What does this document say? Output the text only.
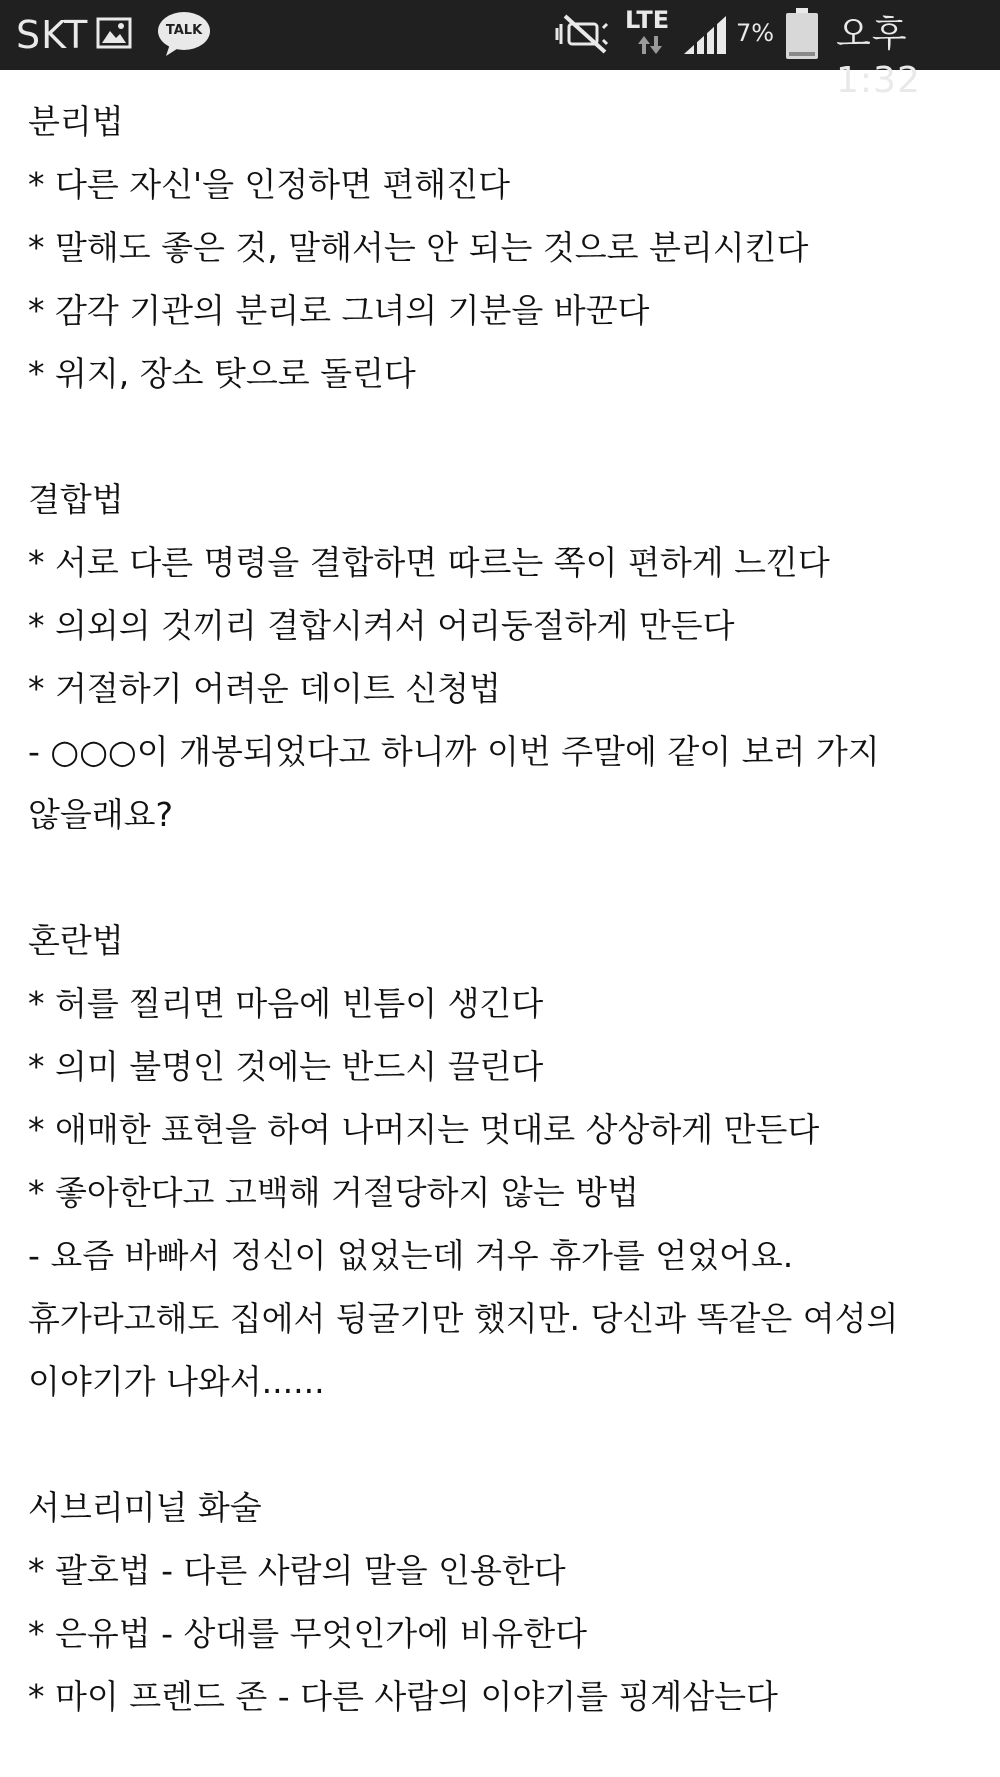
SKT	TALK	LTE	7% 오후 1:32
분리법
* 다른 자신'을 인정하면 편해진다
* 말해도 좋은 것, 말해서는 안 되는 것으로 분리시킨다
* 감각 기관의 분리로 그녀의 기분을 바꾼다
* 위지, 장소 탓으로 돌린다
결합법
* 서로 다른 명령을 결합하면 따르는 쪽이 편하게 느낀다
* 의외의 것끼리 결합시켜서 어리둥절하게 만든다
* 거절하기 어려운 데이트 신청법
- ○○○이 개봉되었다고 하니까 이번 주말에 같이 보러 가지
않을래요?
혼란법
* 허를 찔리면 마음에 빈틈이 생긴다
* 의미 불명인 것에는 반드시 끌린다
* 애매한 표현을 하여 나머지는 멋대로 상상하게 만든다
* 좋아한다고 고백해 거절당하지 않는 방법
- 요즘 바빠서 정신이 없었는데 겨우 휴가를 얻었어요.
휴가라고해도 집에서 뒹굴기만 했지만. 당신과 똑같은 여성의
이야기가 나와서......
서브리미널 화술
* 괄호법 - 다른 사람의 말을 인용한다
* 은유법 - 상대를 무엇인가에 비유한다
* 마이 프렌드 존 - 다른 사람의 이야기를 핑계삼는다
